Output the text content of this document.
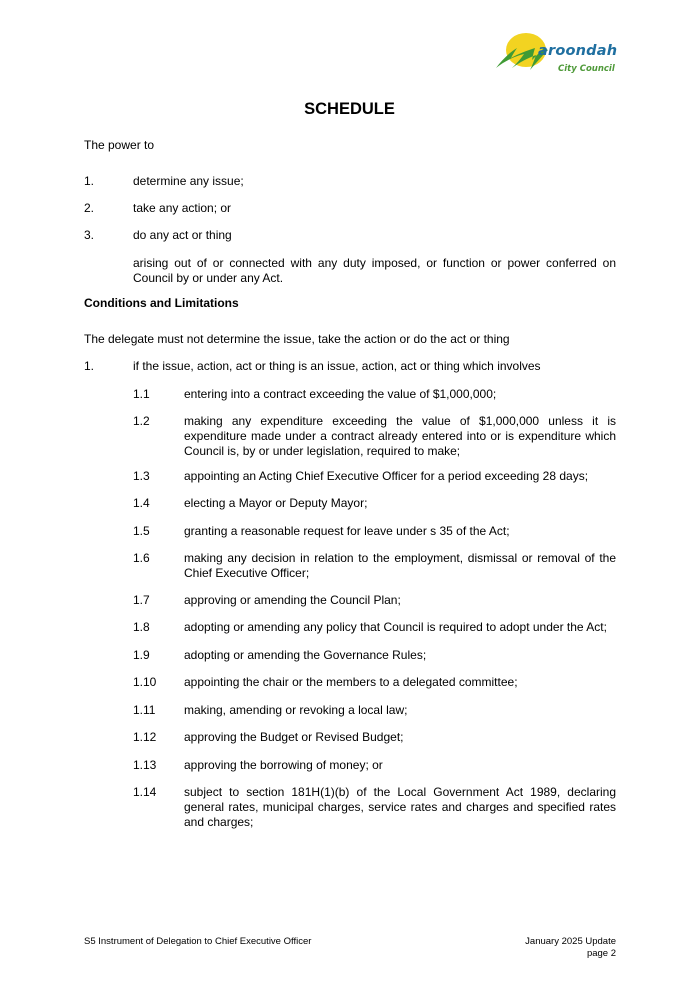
aroondah
City Council
SCHEDULE
The power to
1.	determine any issue;
2.	take any action; or
3.	do any act or thing
arising out of or connected with any duty imposed, or function or power conferred on Council by or under any Act.
Conditions and Limitations
The delegate must not determine the issue, take the action or do the act or thing
1.	if the issue, action, act or thing is an issue, action, act or thing which involves
1.1	entering into a contract exceeding the value of $1,000,000;
1.2	making any expenditure exceeding the value of $1,000,000 unless it is expenditure made under a contract already entered into or is expenditure which Council is, by or under legislation, required to make;
1.3	appointing an Acting Chief Executive Officer for a period exceeding 28 days;
1.4	electing a Mayor or Deputy Mayor;
1.5	granting a reasonable request for leave under s 35 of the Act;
1.6	making any decision in relation to the employment, dismissal or removal of the Chief Executive Officer;
1.7	approving or amending the Council Plan;
1.8	adopting or amending any policy that Council is required to adopt under the Act;
1.9	adopting or amending the Governance Rules;
1.10 appointing the chair or the members to a delegated committee;
1.11 making, amending or revoking a local law;
1.12 approving the Budget or Revised Budget;
1.13 approving the borrowing of money; or
1.14 subject to section 181H(1)(b) of the Local Government Act 1989, declaring general rates, municipal charges, service rates and charges and specified rates and charges;
S5 Instrument of Delegation to Chief Executive Officer	January 2025 Update
page 2
